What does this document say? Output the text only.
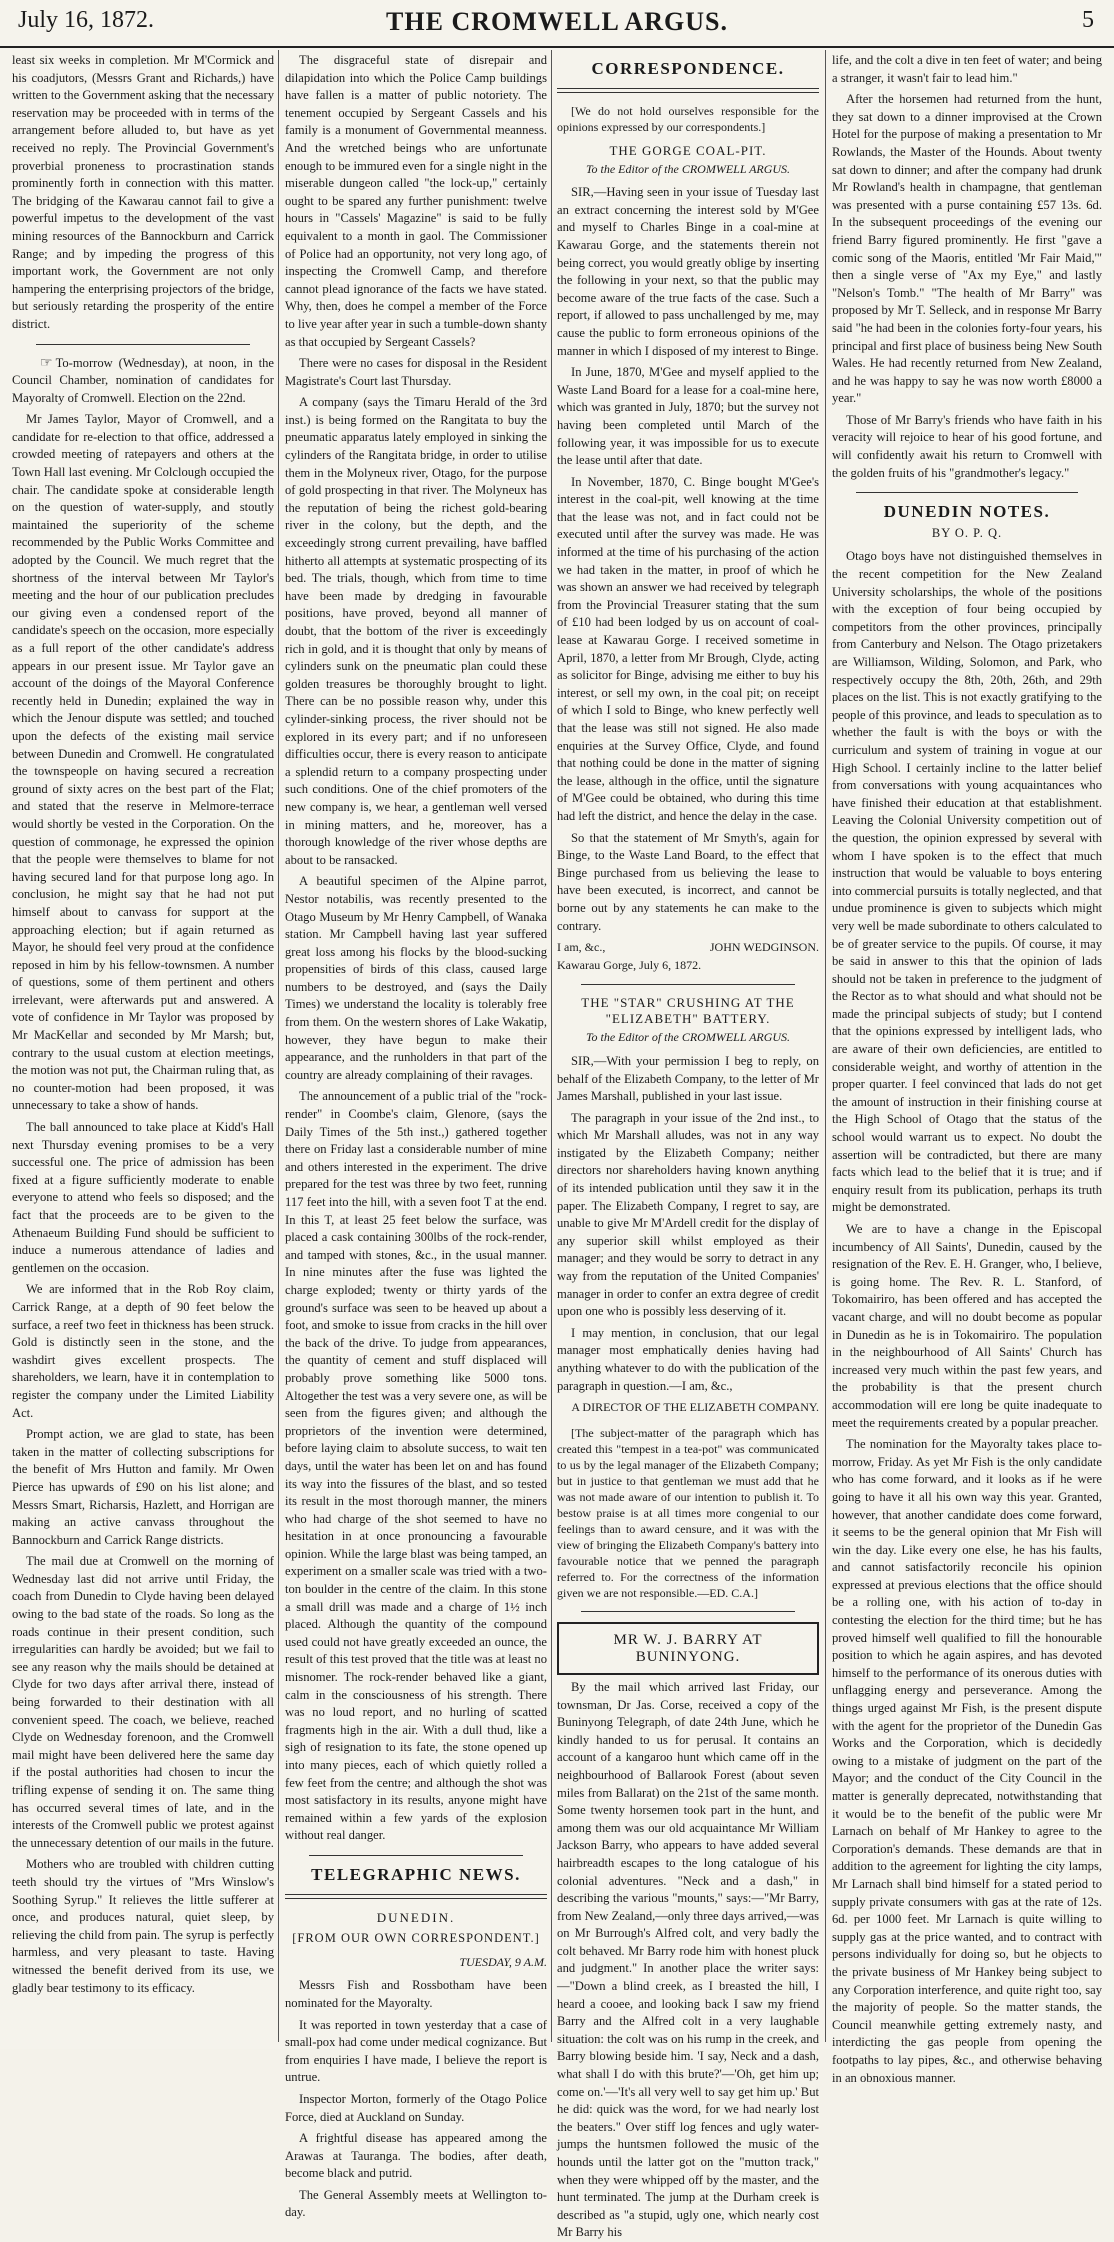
July 16, 1872.	THE CROMWELL ARGUS.	5

least six weeks in completion. Mr M'Cormick and his coadjutors, (Messrs Grant and Richards,) have written to the Government asking that the necessary reservation may be proceeded with in terms of the arrangement before alluded to, but have as yet received no reply. The Provincial Government's proverbial proneness to procrastination stands prominently forth in connection with this matter. The bridging of the Kawarau cannot fail to give a powerful impetus to the development of the vast mining resources of the Bannockburn and Carrick Range; and by impeding the progress of this important work, the Government are not only hampering the enterprising projectors of the bridge, but seriously retarding the prosperity of the entire district.

☞ To-morrow (Wednesday), at noon, in the Council Chamber, nomination of candidates for Mayoralty of Cromwell. Election on the 22nd.

Mr James Taylor, Mayor of Cromwell, and a candidate for re-election to that office, addressed a crowded meeting of ratepayers and others at the Town Hall last evening. Mr Colclough occupied the chair. The candidate spoke at considerable length on the question of water-supply, and stoutly maintained the superiority of the scheme recommended by the Public Works Committee and adopted by the Council. We much regret that the shortness of the interval between Mr Taylor's meeting and the hour of our publication precludes our giving even a condensed report of the candidate's speech on the occasion, more especially as a full report of the other candidate's address appears in our present issue. Mr Taylor gave an account of the doings of the Mayoral Conference recently held in Dunedin; explained the way in which the Jenour dispute was settled; and touched upon the defects of the existing mail service between Dunedin and Cromwell. He congratulated the townspeople on having secured a recreation ground of sixty acres on the best part of the Flat; and stated that the reserve in Melmore-terrace would shortly be vested in the Corporation. On the question of commonage, he expressed the opinion that the people were themselves to blame for not having secured land for that purpose long ago. In conclusion, he might say that he had not put himself about to canvass for support at the approaching election; but if again returned as Mayor, he should feel very proud at the confidence reposed in him by his fellow-townsmen. A number of questions, some of them pertinent and others irrelevant, were afterwards put and answered. A vote of confidence in Mr Taylor was proposed by Mr MacKellar and seconded by Mr Marsh; but, contrary to the usual custom at election meetings, the motion was not put, the Chairman ruling that, as no counter-motion had been proposed, it was unnecessary to take a show of hands.

The ball announced to take place at Kidd's Hall next Thursday evening promises to be a very successful one. The price of admission has been fixed at a figure sufficiently moderate to enable everyone to attend who feels so disposed; and the fact that the proceeds are to be given to the Athenaeum Building Fund should be sufficient to induce a numerous attendance of ladies and gentlemen on the occasion.

We are informed that in the Rob Roy claim, Carrick Range, at a depth of 90 feet below the surface, a reef two feet in thickness has been struck. Gold is distinctly seen in the stone, and the washdirt gives excellent prospects. The shareholders, we learn, have it in contemplation to register the company under the Limited Liability Act.

Prompt action, we are glad to state, has been taken in the matter of collecting subscriptions for the benefit of Mrs Hutton and family. Mr Owen Pierce has upwards of £90 on his list alone; and Messrs Smart, Richarsis, Hazlett, and Horrigan are making an active canvass throughout the Bannockburn and Carrick Range districts.

The mail due at Cromwell on the morning of Wednesday last did not arrive until Friday, the coach from Dunedin to Clyde having been delayed owing to the bad state of the roads. So long as the roads continue in their present condition, such irregularities can hardly be avoided; but we fail to see any reason why the mails should be detained at Clyde for two days after arrival there, instead of being forwarded to their destination with all convenient speed. The coach, we believe, reached Clyde on Wednesday forenoon, and the Cromwell mail might have been delivered here the same day if the postal authorities had chosen to incur the trifling expense of sending it on. The same thing has occurred several times of late, and in the interests of the Cromwell public we protest against the unnecessary detention of our mails in the future.

Mothers who are troubled with children cutting teeth should try the virtues of "Mrs Winslow's Soothing Syrup." It relieves the little sufferer at once, and produces natural, quiet sleep, by relieving the child from pain. The syrup is perfectly harmless, and very pleasant to taste. Having witnessed the benefit derived from its use, we gladly bear testimony to its efficacy.

The disgraceful state of disrepair and dilapidation into which the Police Camp buildings have fallen is a matter of public notoriety. The tenement occupied by Sergeant Cassels and his family is a monument of Governmental meanness. And the wretched beings who are unfortunate enough to be immured even for a single night in the miserable dungeon called "the lock-up," certainly ought to be spared any further punishment: twelve hours in "Cassels' Magazine" is said to be fully equivalent to a month in gaol. The Commissioner of Police had an opportunity, not very long ago, of inspecting the Cromwell Camp, and therefore cannot plead ignorance of the facts we have stated. Why, then, does he compel a member of the Force to live year after year in such a tumble-down shanty as that occupied by Sergeant Cassels?

There were no cases for disposal in the Resident Magistrate's Court last Thursday.

A company (says the Timaru Herald of the 3rd inst.) is being formed on the Rangitata to buy the pneumatic apparatus lately employed in sinking the cylinders of the Rangitata bridge, in order to utilise them in the Molyneux river, Otago, for the purpose of gold prospecting in that river. The Molyneux has the reputation of being the richest gold-bearing river in the colony, but the depth, and the exceedingly strong current prevailing, have baffled hitherto all attempts at systematic prospecting of its bed. The trials, though, which from time to time have been made by dredging in favourable positions, have proved, beyond all manner of doubt, that the bottom of the river is exceedingly rich in gold, and it is thought that only by means of cylinders sunk on the pneumatic plan could these golden treasures be thoroughly brought to light. There can be no possible reason why, under this cylinder-sinking process, the river should not be explored in its every part; and if no unforeseen difficulties occur, there is every reason to anticipate a splendid return to a company prospecting under such conditions. One of the chief promoters of the new company is, we hear, a gentleman well versed in mining matters, and he, moreover, has a thorough knowledge of the river whose depths are about to be ransacked.

A beautiful specimen of the Alpine parrot, Nestor notabilis, was recently presented to the Otago Museum by Mr Henry Campbell, of Wanaka station. Mr Campbell having last year suffered great loss among his flocks by the blood-sucking propensities of birds of this class, caused large numbers to be destroyed, and (says the Daily Times) we understand the locality is tolerably free from them. On the western shores of Lake Wakatip, however, they have begun to make their appearance, and the runholders in that part of the country are already complaining of their ravages.

The announcement of a public trial of the "rock-render" in Coombe's claim, Glenore, (says the Daily Times of the 5th inst.,) gathered together there on Friday last a considerable number of mine and others interested in the experiment. The drive prepared for the test was three by two feet, running 117 feet into the hill, with a seven foot T at the end. In this T, at least 25 feet below the surface, was placed a cask containing 300lbs of the rock-render, and tamped with stones, &c., in the usual manner. In nine minutes after the fuse was lighted the charge exploded; twenty or thirty yards of the ground's surface was seen to be heaved up about a foot, and smoke to issue from cracks in the hill over the back of the drive. To judge from appearances, the quantity of cement and stuff displaced will probably prove something like 5000 tons. Altogether the test was a very severe one, as will be seen from the figures given; and although the proprietors of the invention were determined, before laying claim to absolute success, to wait ten days, until the water has been let on and has found its way into the fissures of the blast, and so tested its result in the most thorough manner, the miners who had charge of the shot seemed to have no hesitation in at once pronouncing a favourable opinion. While the large blast was being tamped, an experiment on a smaller scale was tried with a two-ton boulder in the centre of the claim. In this stone a small drill was made and a charge of 1½ inch placed. Although the quantity of the compound used could not have greatly exceeded an ounce, the result of this test proved that the title was at least no misnomer. The rock-render behaved like a giant, calm in the consciousness of his strength. There was no loud report, and no hurling of scatted fragments high in the air. With a dull thud, like a sigh of resignation to its fate, the stone opened up into many pieces, each of which quietly rolled a few feet from the centre; and although the shot was most satisfactory in its results, anyone might have remained within a few yards of the explosion without real danger.

TELEGRAPHIC NEWS.
DUNEDIN.
[FROM OUR OWN CORRESPONDENT.]
TUESDAY, 9 A.M.

Messrs Fish and Rossbotham have been nominated for the Mayoralty.

It was reported in town yesterday that a case of small-pox had come under medical cognizance. But from enquiries I have made, I believe the report is untrue.

Inspector Morton, formerly of the Otago Police Force, died at Auckland on Sunday.

A frightful disease has appeared among the Arawas at Tauranga. The bodies, after death, become black and putrid.

The General Assembly meets at Wellington to-day.

CORRESPONDENCE.

[We do not hold ourselves responsible for the opinions expressed by our correspondents.]

THE GORGE COAL-PIT.
To the Editor of the CROMWELL ARGUS.

SIR,—Having seen in your issue of Tuesday last an extract concerning the interest sold by M'Gee and myself to Charles Binge in a coal-mine at Kawarau Gorge, and the statements therein not being correct, you would greatly oblige by inserting the following in your next, so that the public may become aware of the true facts of the case. Such a report, if allowed to pass unchallenged by me, may cause the public to form erroneous opinions of the manner in which I disposed of my interest to Binge.

In June, 1870, M'Gee and myself applied to the Waste Land Board for a lease for a coal-mine here, which was granted in July, 1870; but the survey not having been completed until March of the following year, it was impossible for us to execute the lease until after that date.

In November, 1870, C. Binge bought M'Gee's interest in the coal-pit, well knowing at the time that the lease was not, and in fact could not be executed until after the survey was made. He was informed at the time of his purchasing of the action we had taken in the matter, in proof of which he was shown an answer we had received by telegraph from the Provincial Treasurer stating that the sum of £10 had been lodged by us on account of coal-lease at Kawarau Gorge. I received sometime in April, 1870, a letter from Mr Brough, Clyde, acting as solicitor for Binge, advising me either to buy his interest, or sell my own, in the coal pit; on receipt of which I sold to Binge, who knew perfectly well that the lease was still not signed. He also made enquiries at the Survey Office, Clyde, and found that nothing could be done in the matter of signing the lease, although in the office, until the signature of M'Gee could be obtained, who during this time had left the district, and hence the delay in the case.

So that the statement of Mr Smyth's, again for Binge, to the Waste Land Board, to the effect that Binge purchased from us believing the lease to have been executed, is incorrect, and cannot be borne out by any statements he can make to the contrary.

I am, &c.,	JOHN WEDGINSON.
Kawarau Gorge, July 6, 1872.
THE "STAR" CRUSHING AT THE "ELIZABETH" BATTERY.
To the Editor of the CROMWELL ARGUS.

SIR,—With your permission I beg to reply, on behalf of the Elizabeth Company, to the letter of Mr James Marshall, published in your last issue.

The paragraph in your issue of the 2nd inst., to which Mr Marshall alludes, was not in any way instigated by the Elizabeth Company; neither directors nor shareholders having known anything of its intended publication until they saw it in the paper. The Elizabeth Company, I regret to say, are unable to give Mr M'Ardell credit for the display of any superior skill whilst employed as their manager; and they would be sorry to detract in any way from the reputation of the United Companies' manager in order to confer an extra degree of credit upon one who is possibly less deserving of it.

I may mention, in conclusion, that our legal manager most emphatically denies having had anything whatever to do with the publication of the paragraph in question.—I am, &c.,

A DIRECTOR OF THE ELIZABETH COMPANY.

[The subject-matter of the paragraph which has created this "tempest in a tea-pot" was communicated to us by the legal manager of the Elizabeth Company; but in justice to that gentleman we must add that he was not made aware of our intention to publish it. To bestow praise is at all times more congenial to our feelings than to award censure, and it was with the view of bringing the Elizabeth Company's battery into favourable notice that we penned the paragraph referred to. For the correctness of the information given we are not responsible.—ED. C.A.]

MR W. J. BARRY AT BUNINYONG.

By the mail which arrived last Friday, our townsman, Dr Jas. Corse, received a copy of the Buninyong Telegraph, of date 24th June, which he kindly handed to us for perusal. It contains an account of a kangaroo hunt which came off in the neighbourhood of Ballarook Forest (about seven miles from Ballarat) on the 21st of the same month. Some twenty horsemen took part in the hunt, and among them was our old acquaintance Mr William Jackson Barry, who appears to have added several hairbreadth escapes to the long catalogue of his colonial adventures. "Neck and a dash," in describing the various "mounts," says:—"Mr Barry, from New Zealand,—only three days arrived,—was on Mr Burrough's Alfred colt, and very badly the colt behaved. Mr Barry rode him with honest pluck and judgment." In another place the writer says:—"Down a blind creek, as I breasted the hill, I heard a cooee, and looking back I saw my friend Barry and the Alfred colt in a very laughable situation: the colt was on his rump in the creek, and Barry blowing beside him. 'I say, Neck and a dash, what shall I do with this brute?'—'Oh, get him up; come on.'—'It's all very well to say get him up.' But he did: quick was the word, for we had nearly lost the beaters." Over stiff log fences and ugly water-jumps the huntsmen followed the music of the hounds until the latter got on the "mutton track," when they were whipped off by the master, and the hunt terminated. The jump at the Durham creek is described as "a stupid, ugly one, which nearly cost Mr Barry his

life, and the colt a dive in ten feet of water; and being a stranger, it wasn't fair to lead him."

After the horsemen had returned from the hunt, they sat down to a dinner improvised at the Crown Hotel for the purpose of making a presentation to Mr Rowlands, the Master of the Hounds. About twenty sat down to dinner; and after the company had drunk Mr Rowland's health in champagne, that gentleman was presented with a purse containing £57 13s. 6d. In the subsequent proceedings of the evening our friend Barry figured prominently. He first "gave a comic song of the Maoris, entitled 'Mr Fair Maid,'" then a single verse of "Ax my Eye," and lastly "Nelson's Tomb." "The health of Mr Barry" was proposed by Mr T. Selleck, and in response Mr Barry said "he had been in the colonies forty-four years, his principal and first place of business being New South Wales. He had recently returned from New Zealand, and he was happy to say he was now worth £8000 a year."

Those of Mr Barry's friends who have faith in his veracity will rejoice to hear of his good fortune, and will confidently await his return to Cromwell with the golden fruits of his "grandmother's legacy."

DUNEDIN NOTES.
BY O. P. Q.

Otago boys have not distinguished themselves in the recent competition for the New Zealand University scholarships, the whole of the positions with the exception of four being occupied by competitors from the other provinces, principally from Canterbury and Nelson. The Otago prizetakers are Williamson, Wilding, Solomon, and Park, who respectively occupy the 8th, 20th, 26th, and 29th places on the list. This is not exactly gratifying to the people of this province, and leads to speculation as to whether the fault is with the boys or with the curriculum and system of training in vogue at our High School. I certainly incline to the latter belief from conversations with young acquaintances who have finished their education at that establishment. Leaving the Colonial University competition out of the question, the opinion expressed by several with whom I have spoken is to the effect that much instruction that would be valuable to boys entering into commercial pursuits is totally neglected, and that undue prominence is given to subjects which might very well be made subordinate to others calculated to be of greater service to the pupils. Of course, it may be said in answer to this that the opinion of lads should not be taken in preference to the judgment of the Rector as to what should and what should not be made the principal subjects of study; but I contend that the opinions expressed by intelligent lads, who are aware of their own deficiencies, are entitled to considerable weight, and worthy of attention in the proper quarter. I feel convinced that lads do not get the amount of instruction in their finishing course at the High School of Otago that the status of the school would warrant us to expect. No doubt the assertion will be contradicted, but there are many facts which lead to the belief that it is true; and if enquiry result from its publication, perhaps its truth might be demonstrated.

We are to have a change in the Episcopal incumbency of All Saints', Dunedin, caused by the resignation of the Rev. E. H. Granger, who, I believe, is going home. The Rev. R. L. Stanford, of Tokomairiro, has been offered and has accepted the vacant charge, and will no doubt become as popular in Dunedin as he is in Tokomairiro. The population in the neighbourhood of All Saints' Church has increased very much within the past few years, and the probability is that the present church accommodation will ere long be quite inadequate to meet the requirements created by a popular preacher.

The nomination for the Mayoralty takes place to-morrow, Friday. As yet Mr Fish is the only candidate who has come forward, and it looks as if he were going to have it all his own way this year. Granted, however, that another candidate does come forward, it seems to be the general opinion that Mr Fish will win the day. Like every one else, he has his faults, and cannot satisfactorily reconcile his opinion expressed at previous elections that the office should be a rolling one, with his action of to-day in contesting the election for the third time; but he has proved himself well qualified to fill the honourable position to which he again aspires, and has devoted himself to the performance of its onerous duties with unflagging energy and perseverance. Among the things urged against Mr Fish, is the present dispute with the agent for the proprietor of the Dunedin Gas Works and the Corporation, which is decidedly owing to a mistake of judgment on the part of the Mayor; and the conduct of the City Council in the matter is generally deprecated, notwithstanding that it would be to the benefit of the public were Mr Larnach on behalf of Mr Hankey to agree to the Corporation's demands. These demands are that in addition to the agreement for lighting the city lamps, Mr Larnach shall bind himself for a stated period to supply private consumers with gas at the rate of 12s. 6d. per 1000 feet. Mr Larnach is quite willing to supply gas at the price wanted, and to contract with persons individually for doing so, but he objects to the private business of Mr Hankey being subject to any Corporation interference, and quite right too, say the majority of people. So the matter stands, the Council meanwhile getting extremely nasty, and interdicting the gas people from opening the footpaths to lay pipes, &c., and otherwise behaving in an obnoxious manner.
